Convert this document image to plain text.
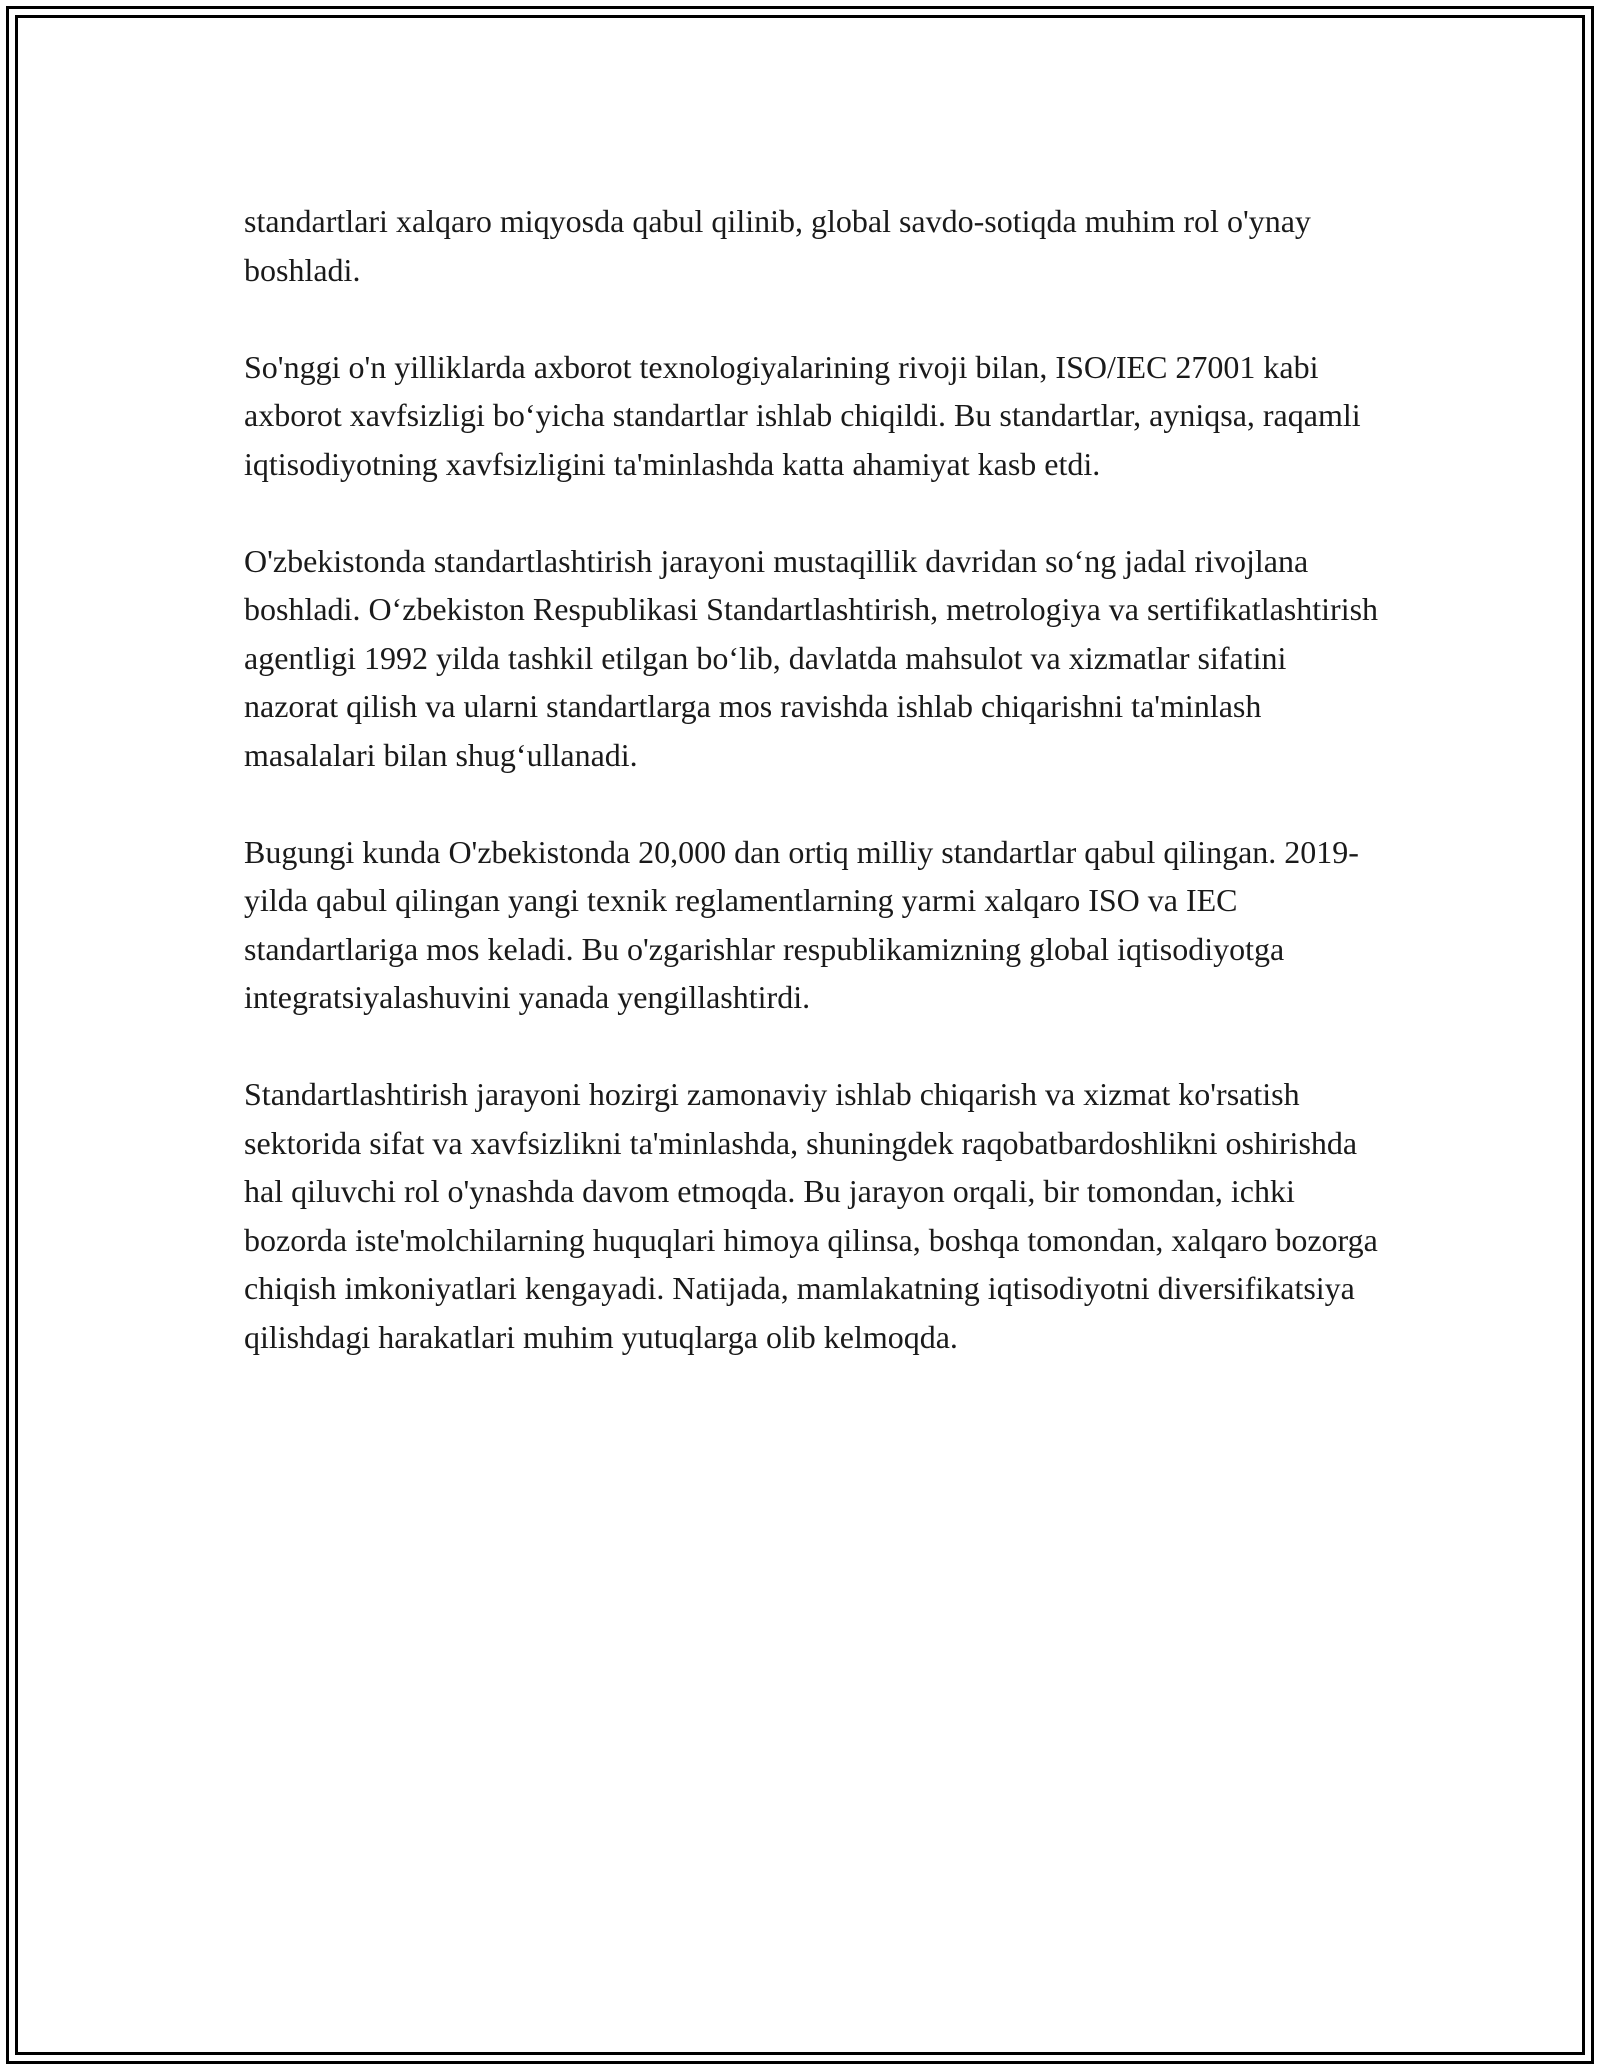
standartlari xalqaro miqyosda qabul qilinib, global savdo-sotiqda muhim rol o'ynay boshladi.

So'nggi o'n yilliklarda axborot texnologiyalarining rivoji bilan, ISO/IEC 27001 kabi axborot xavfsizligi bo‘yicha standartlar ishlab chiqildi. Bu standartlar, ayniqsa, raqamli iqtisodiyotning xavfsizligini ta'minlashda katta ahamiyat kasb etdi.

O'zbekistonda standartlashtirish jarayoni mustaqillik davridan so‘ng jadal rivojlana boshladi. O‘zbekiston Respublikasi Standartlashtirish, metrologiya va sertifikatlashtirish agentligi 1992 yilda tashkil etilgan bo‘lib, davlatda mahsulot va xizmatlar sifatini nazorat qilish va ularni standartlarga mos ravishda ishlab chiqarishni ta'minlash masalalari bilan shug‘ullanadi.

Bugungi kunda O'zbekistonda 20,000 dan ortiq milliy standartlar qabul qilingan. 2019-yilda qabul qilingan yangi texnik reglamentlarning yarmi xalqaro ISO va IEC standartlariga mos keladi. Bu o'zgarishlar respublikamizning global iqtisodiyotga integratsiyalashuvini yanada yengillashtirdi.

Standartlashtirish jarayoni hozirgi zamonaviy ishlab chiqarish va xizmat ko'rsatish sektorida sifat va xavfsizlikni ta'minlashda, shuningdek raqobatbardoshlikni oshirishda hal qiluvchi rol o'ynashda davom etmoqda. Bu jarayon orqali, bir tomondan, ichki bozorda iste'molchilarning huquqlari himoya qilinsa, boshqa tomondan, xalqaro bozorga chiqish imkoniyatlari kengayadi. Natijada, mamlakatning iqtisodiyotni diversifikatsiya qilishdagi harakatlari muhim yutuqlarga olib kelmoqda.
